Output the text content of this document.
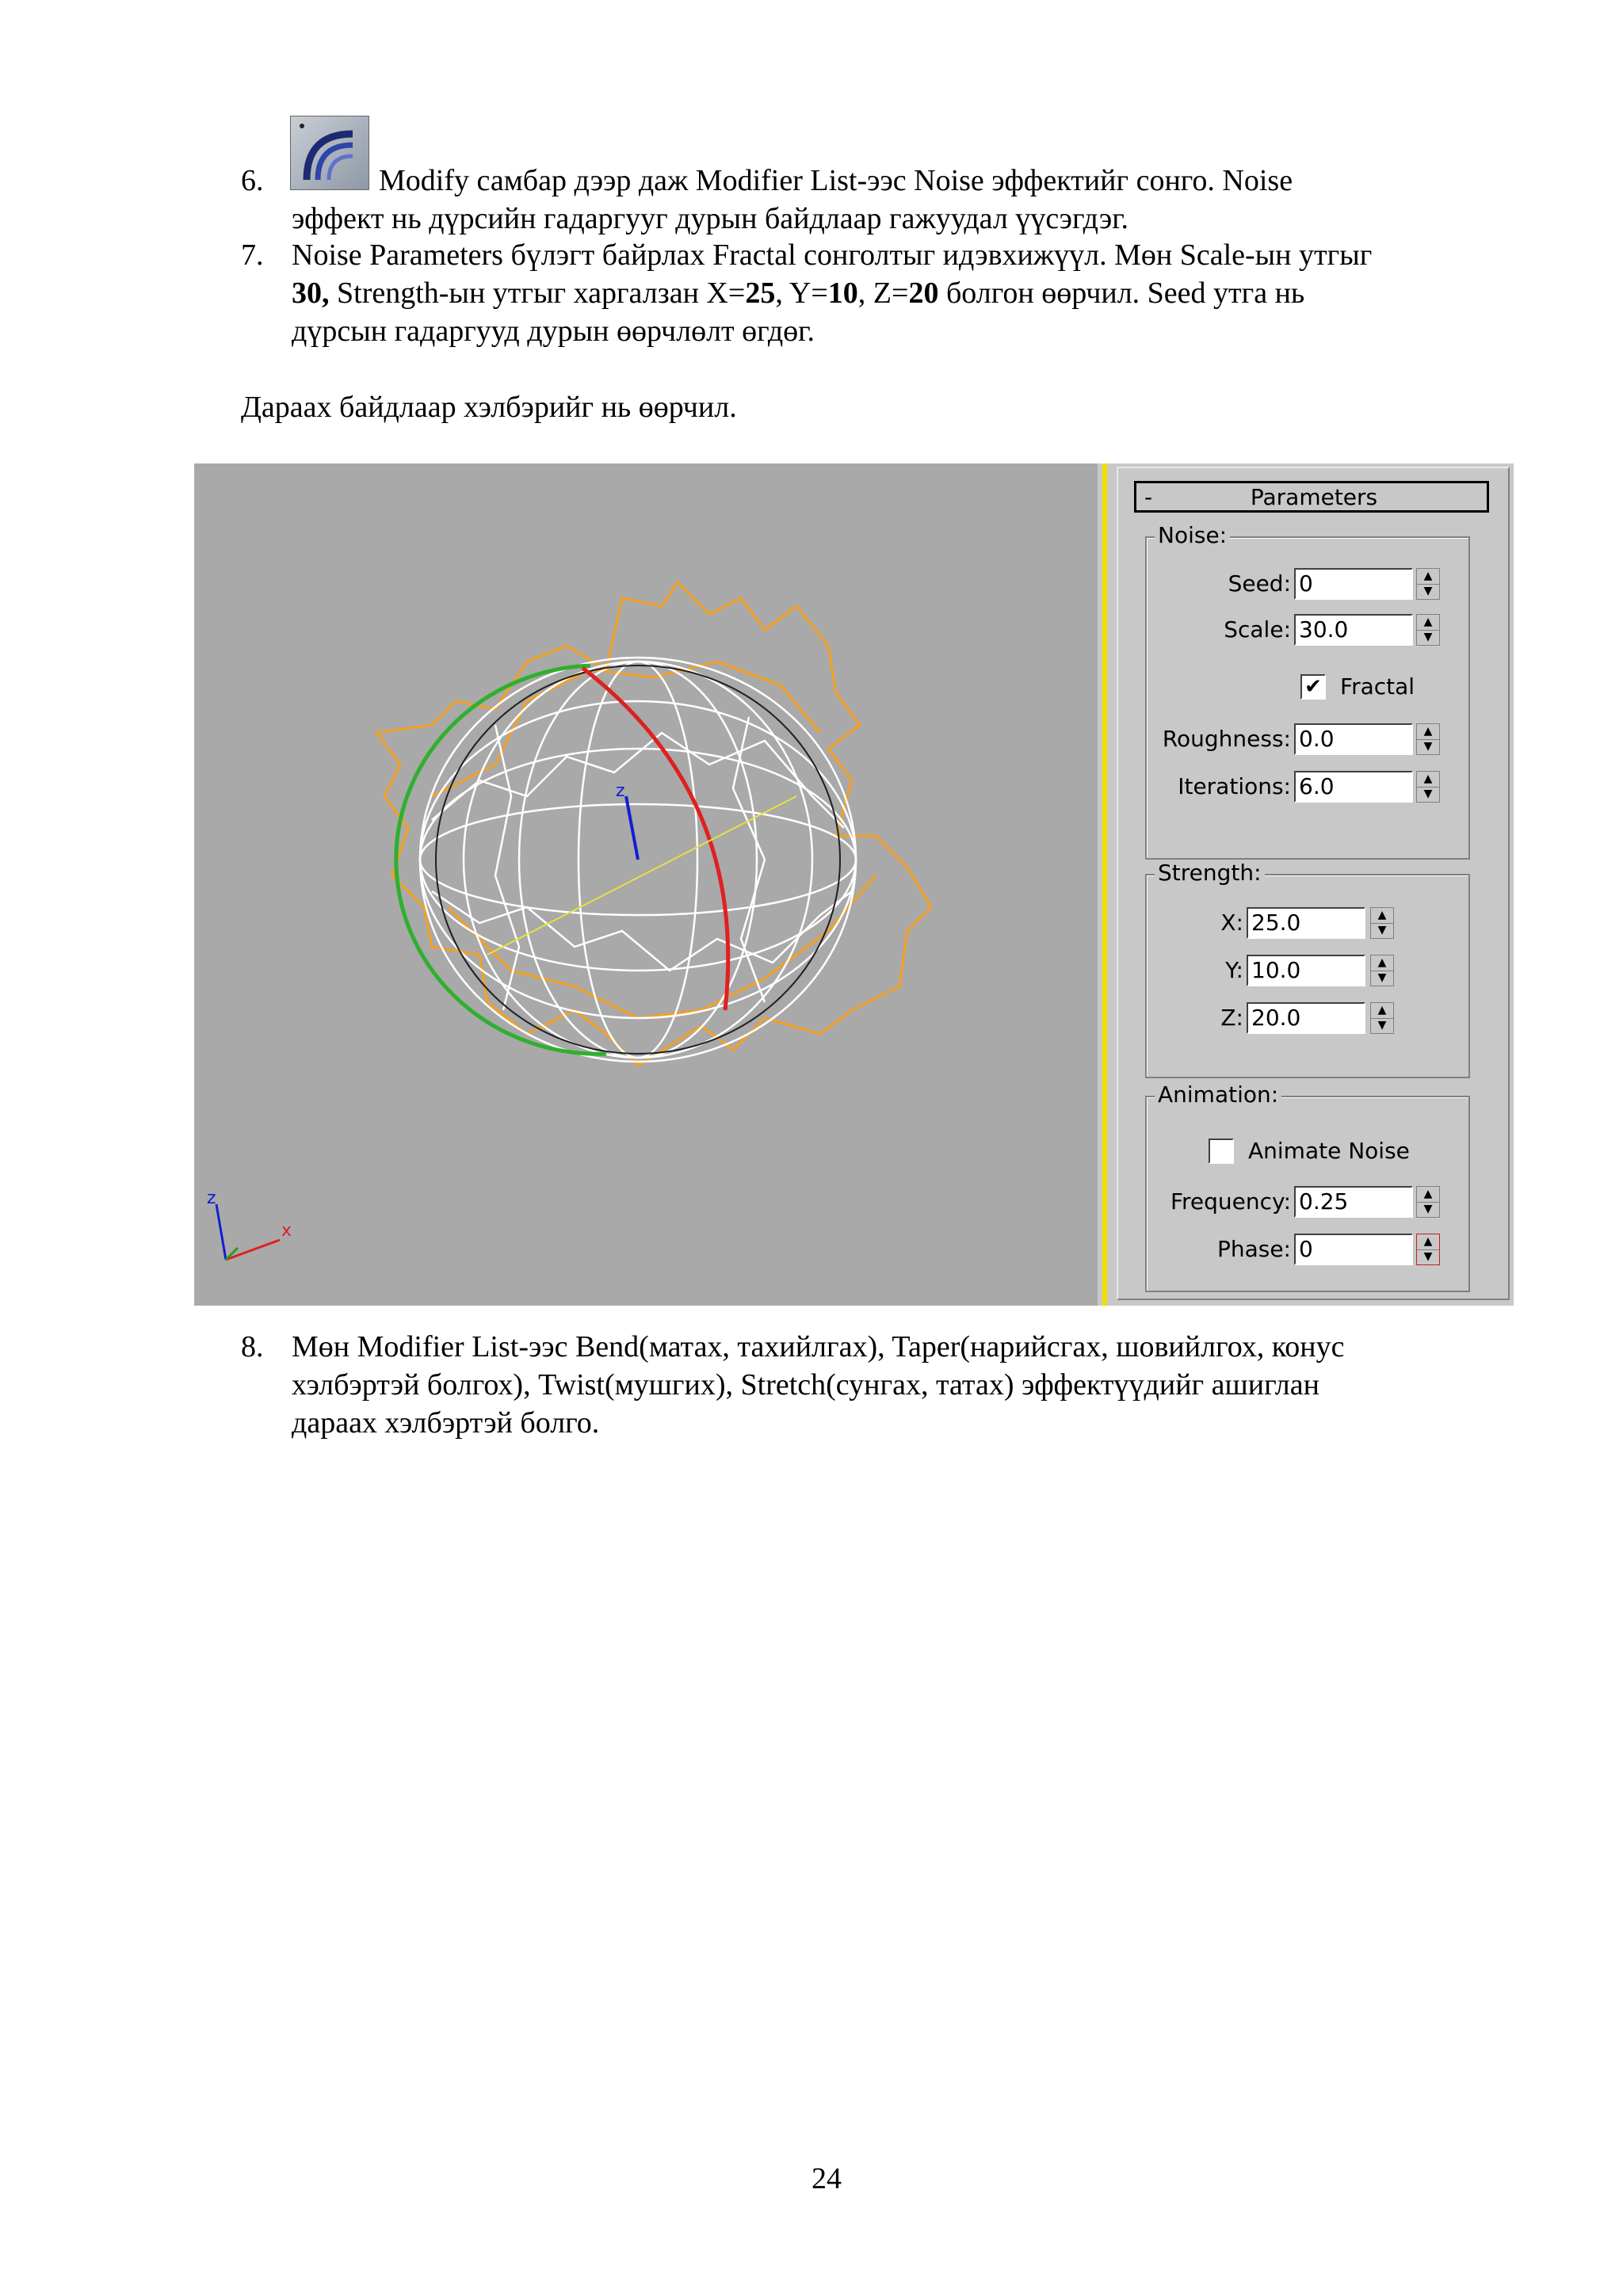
6.	Modify самбар дээр даж Modifier List-ээс Noise эффектийг сонго. Noise
эффект нь дүрсийн гадаргууг дурын байдлаар гажуудал үүсэгдэг.
7. Noise Parameters бүлэгт байрлах Fractal сонголтыг идэвхижүүл. Мөн Scale-ын утгыг
30, Strength-ын утгыг харгалзан X=25, Y=10, Z=20 болгон өөрчил. Seed утга нь
дүрсын гадаргууд дурын өөрчлөлт өгдөг.
Дараах байдлаар хэлбэрийг нь өөрчил.
z
z
x
-	Parameters
Noise:
Seed: 0	▲
▼
Scale: 30.0	▲
▼
✔ Fractal
Roughness: 0.0	▲
▼
Iterations: 6.0	▲
▼
Strength:
X: 25.0	▲
▼
Y: 10.0	▲
▼
Z: 20.0	▲
▼
Animation:
Animate Noise
Frequency: 0.25	▲
▼
Phase: 0	▲
▼
8. Мөн Modifier List-ээс Bend(матах, тахийлгах), Taper(нарийсгах, шовийлгох, конус
хэлбэртэй болгох), Twist(мушгих), Stretch(сунгах, татах) эффектүүдийг ашиглан
дараах хэлбэртэй болго.
24
